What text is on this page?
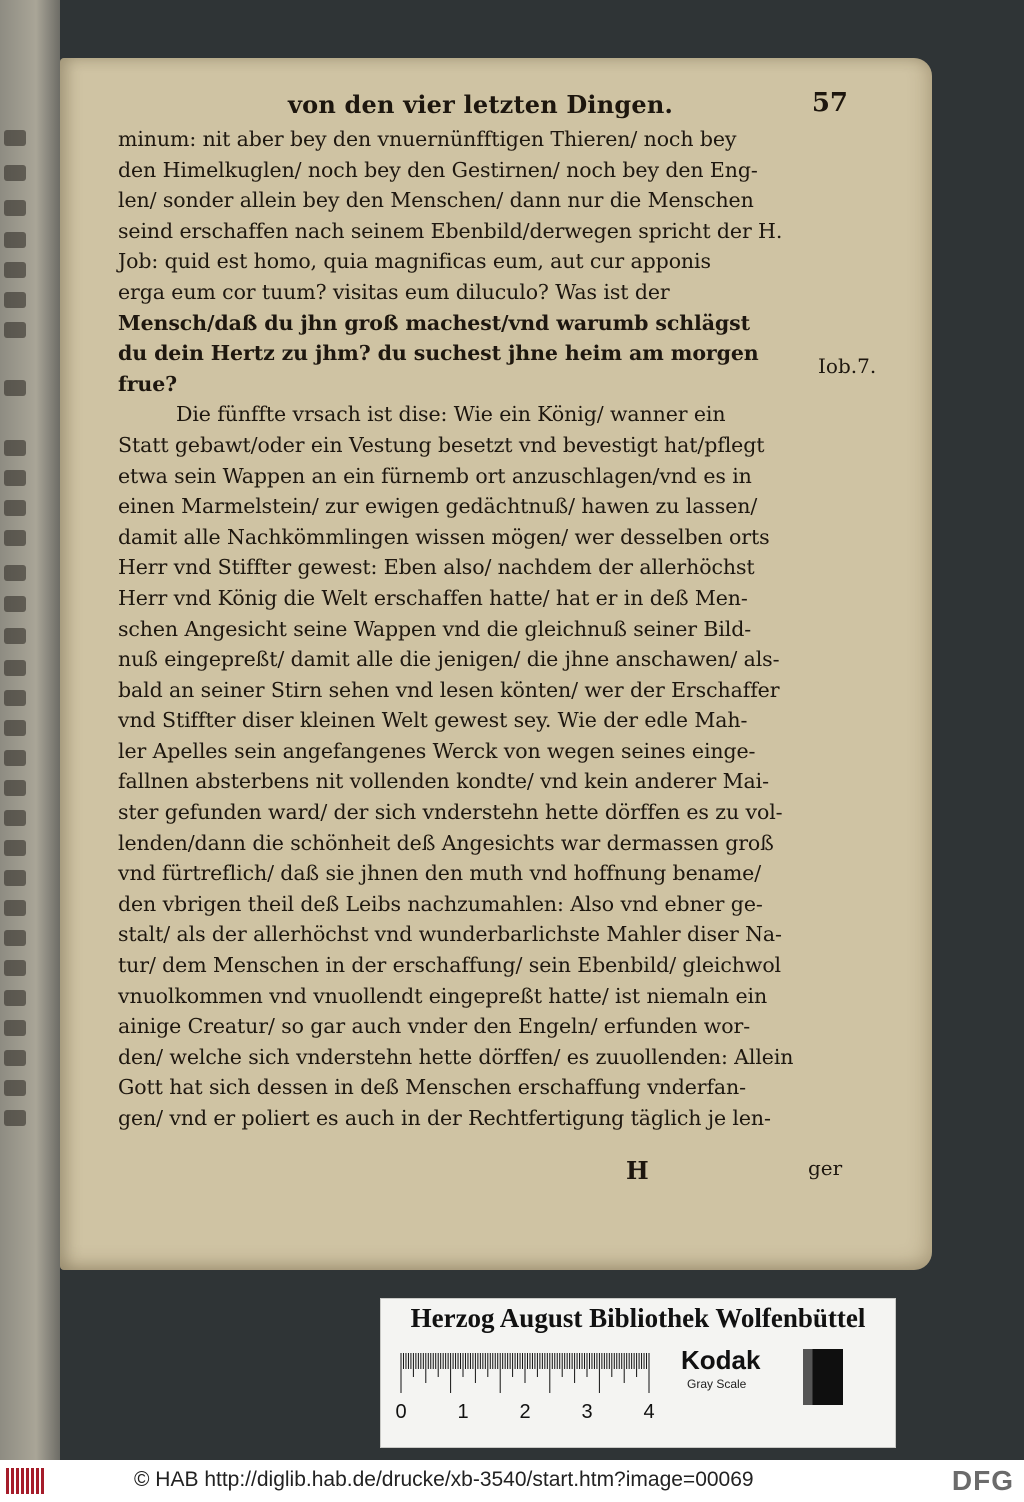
von den vier letzten Dingen.	57

minum: nit aber bey den vnuernünfftigen Thieren/ noch bey

den Himelkuglen/ noch bey den Gestirnen/ noch bey den Eng-

len/ sonder allein bey den Menschen/ dann nur die Menschen

seind erschaffen nach seinem Ebenbild/derwegen spricht der H.

Job: quid est homo, quia magnificas eum, aut cur apponis

erga eum cor tuum? visitas eum diluculo? Was ist der

Mensch/daß du jhn groß machest/vnd warumb schlägst

du dein Hertz zu jhm? du suchest jhne heim am morgen

frue?

Die fünffte vrsach ist dise: Wie ein König/ wanner ein

Statt gebawt/oder ein Vestung besetzt vnd bevestigt hat/pflegt

etwa sein Wappen an ein fürnemb ort anzuschlagen/vnd es in

einen Marmelstein/ zur ewigen gedächtnuß/ hawen zu lassen/

damit alle Nachkömmlingen wissen mögen/ wer desselben orts

Herr vnd Stiffter gewest: Eben also/ nachdem der allerhöchst

Herr vnd König die Welt erschaffen hatte/ hat er in deß Men-

schen Angesicht seine Wappen vnd die gleichnuß seiner Bild-

nuß eingepreßt/ damit alle die jenigen/ die jhne anschawen/ als-

bald an seiner Stirn sehen vnd lesen könten/ wer der Erschaffer

vnd Stiffter diser kleinen Welt gewest sey. Wie der edle Mah-

ler Apelles sein angefangenes Werck von wegen seines einge-

fallnen absterbens nit vollenden kondte/ vnd kein anderer Mai-

ster gefunden ward/ der sich vnderstehn hette dörffen es zu vol-

lenden/dann die schönheit deß Angesichts war dermassen groß

vnd fürtreflich/ daß sie jhnen den muth vnd hoffnung bename/

den vbrigen theil deß Leibs nachzumahlen: Also vnd ebner ge-

stalt/ als der allerhöchst vnd wunderbarlichste Mahler diser Na-

tur/ dem Menschen in der erschaffung/ sein Ebenbild/ gleichwol

vnuolkommen vnd vnuollendt eingepreßt hatte/ ist niemaln ein

ainige Creatur/ so gar auch vnder den Engeln/ erfunden wor-

den/ welche sich vnderstehn hette dörffen/ es zuuollenden: Allein

Gott hat sich dessen in deß Menschen erschaffung vnderfan-

gen/ vnd er poliert es auch in der Rechtfertigung täglich je len-

Iob.7.
H	ger
Herzog August Bibliothek Wolfenbüttel
0	1	2	3	4
Kodak
Gray Scale
© HAB http://diglib.hab.de/drucke/xb-3540/start.htm?image=00069	DFG
